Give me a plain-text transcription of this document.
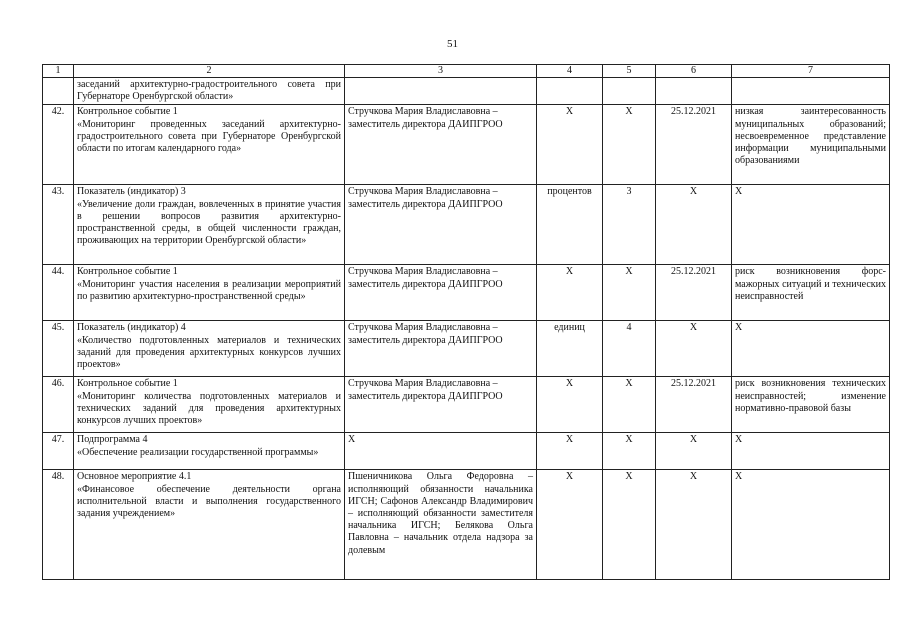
51
1	2	3	4	5	6	7
	заседаний архитектурно-градостроительного совета при Губернаторе Оренбургской области»					
42.	Контрольное событие 1
«Мониторинг проведенных заседаний архитектурно-градостроительного совета при Губернаторе Оренбургской области по итогам календарного года»	Стручкова Мария Владиславовна – заместитель директора ДАИПГРОО	Х	Х	25.12.2021	низкая заинтересованность муниципальных образований; несвоевременное представление информации муниципальными образованиями
43.	Показатель (индикатор) 3
«Увеличение доли граждан, вовлеченных в принятие участия в решении вопросов развития архитектурно-пространственной среды, в общей численности граждан, проживающих на территории Оренбургской области»	Стручкова Мария Владиславовна – заместитель директора ДАИПГРОО	процентов	3	Х	Х
44.	Контрольное событие 1
«Мониторинг участия населения в реализации мероприятий по развитию архитектурно-пространственной среды»	Стручкова Мария Владиславовна – заместитель директора ДАИПГРОО	Х	Х	25.12.2021	риск возникновения форс-мажорных ситуаций и технических неисправностей
45.	Показатель (индикатор) 4
«Количество подготовленных материалов и технических заданий для проведения архитектурных конкурсов лучших проектов»	Стручкова Мария Владиславовна – заместитель директора ДАИПГРОО	единиц	4	Х	Х
46.	Контрольное событие 1
«Мониторинг количества подготовленных материалов и технических заданий для проведения архитектурных конкурсов лучших проектов»	Стручкова Мария Владиславовна – заместитель директора ДАИПГРОО	Х	Х	25.12.2021	риск возникновения технических неисправностей; изменение нормативно-правовой базы
47.	Подпрограмма 4
«Обеспечение реализации государственной программы»	Х	Х	Х	Х	Х
48.	Основное мероприятие 4.1
«Финансовое обеспечение деятельности органа исполнительной власти и выполнения государственного задания учреждением»	Пшеничникова Ольга Федоровна – исполняющий обязанности начальника ИГСН; Сафонов Александр Владимирович – исполняющий обязанности заместителя начальника ИГСН; Белякова Ольга Павловна – начальник отдела надзора за долевым	Х	Х	Х	Х
